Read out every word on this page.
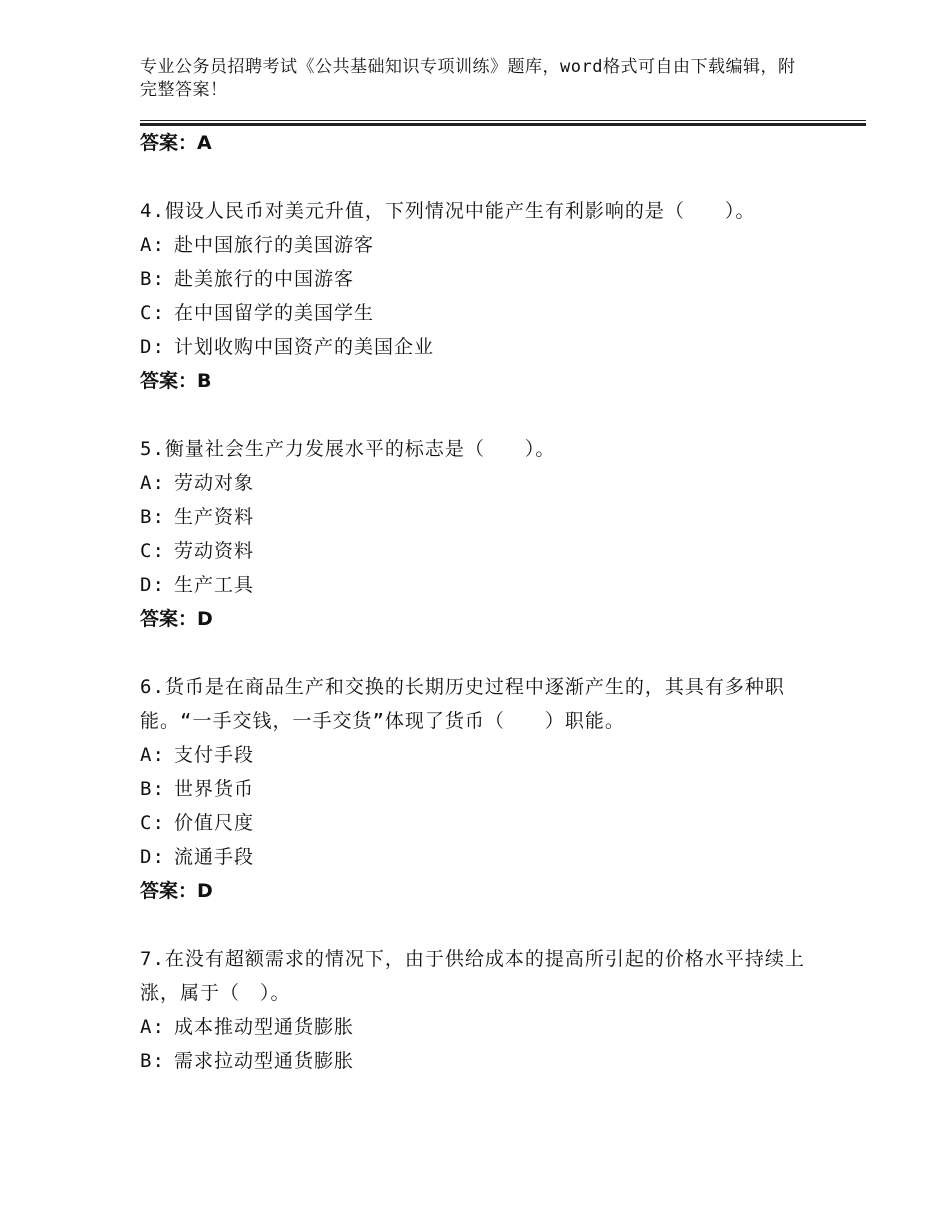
专业公务员招聘考试《公共基础知识专项训练》题库，word格式可自由下载编辑，附完整答案！
答案：A
4.假设人民币对美元升值，下列情况中能产生有利影响的是（　　）。
A: 赴中国旅行的美国游客
B: 赴美旅行的中国游客
C: 在中国留学的美国学生
D: 计划收购中国资产的美国企业
答案：B
5.衡量社会生产力发展水平的标志是（　　）。
A: 劳动对象
B: 生产资料
C: 劳动资料
D: 生产工具
答案：D
6.货币是在商品生产和交换的长期历史过程中逐渐产生的，其具有多种职能。“一手交钱，一手交货”体现了货币（　　）职能。
A: 支付手段
B: 世界货币
C: 价值尺度
D: 流通手段
答案：D
7.在没有超额需求的情况下，由于供给成本的提高所引起的价格水平持续上涨，属于（　）。
A: 成本推动型通货膨胀
B: 需求拉动型通货膨胀
